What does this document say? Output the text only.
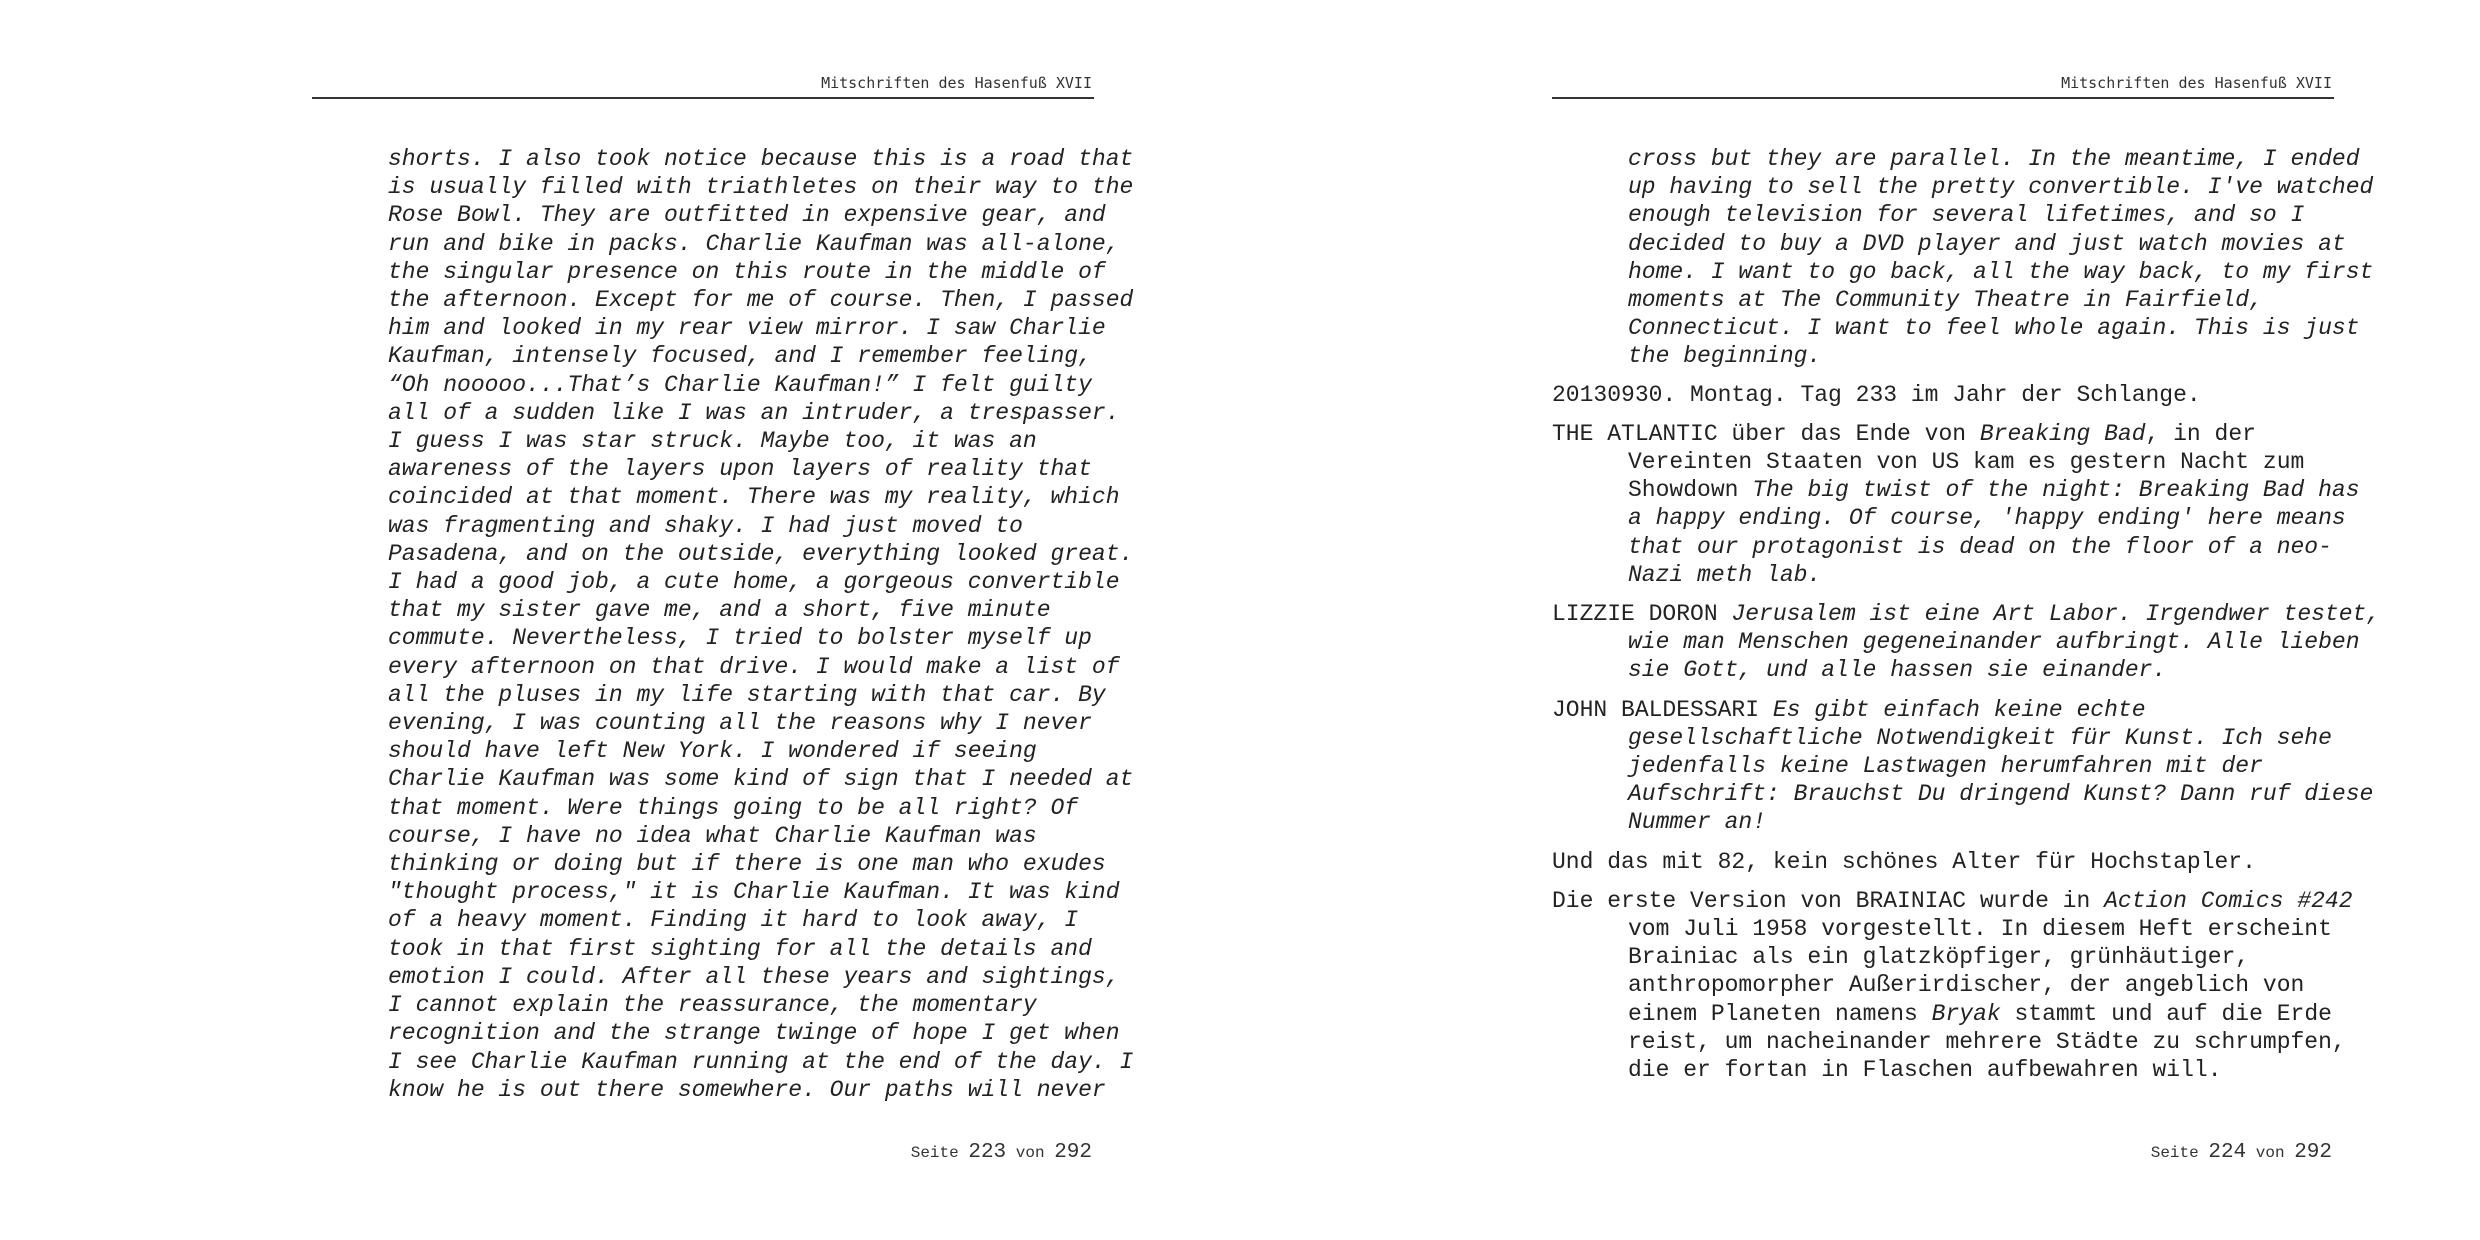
Mitschriften des Hasenfuß XVII
shorts. I also took notice because this is a road that
is usually filled with triathletes on their way to the
Rose Bowl. They are outfitted in expensive gear, and
run and bike in packs. Charlie Kaufman was all-alone,
the singular presence on this route in the middle of
the afternoon. Except for me of course. Then, I passed
him and looked in my rear view mirror. I saw Charlie
Kaufman, intensely focused, and I remember feeling,
“Oh nooooo...That’s Charlie Kaufman!” I felt guilty
all of a sudden like I was an intruder, a trespasser.
I guess I was star struck. Maybe too, it was an
awareness of the layers upon layers of reality that
coincided at that moment. There was my reality, which
was fragmenting and shaky. I had just moved to
Pasadena, and on the outside, everything looked great.
I had a good job, a cute home, a gorgeous convertible
that my sister gave me, and a short, five minute
commute. Nevertheless, I tried to bolster myself up
every afternoon on that drive. I would make a list of
all the pluses in my life starting with that car. By
evening, I was counting all the reasons why I never
should have left New York. I wondered if seeing
Charlie Kaufman was some kind of sign that I needed at
that moment. Were things going to be all right? Of
course, I have no idea what Charlie Kaufman was
thinking or doing but if there is one man who exudes
"thought process," it is Charlie Kaufman. It was kind
of a heavy moment. Finding it hard to look away, I
took in that first sighting for all the details and
emotion I could. After all these years and sightings,
I cannot explain the reassurance, the momentary
recognition and the strange twinge of hope I get when
I see Charlie Kaufman running at the end of the day. I
know he is out there somewhere. Our paths will never
Seite 223 von 292
Mitschriften des Hasenfuß XVII
cross but they are parallel. In the meantime, I ended
up having to sell the pretty convertible. I've watched
enough television for several lifetimes, and so I
decided to buy a DVD player and just watch movies at
home. I want to go back, all the way back, to my first
moments at The Community Theatre in Fairfield,
Connecticut. I want to feel whole again. This is just
the beginning.
20130930. Montag. Tag 233 im Jahr der Schlange.
THE ATLANTIC über das Ende von Breaking Bad, in der
Vereinten Staaten von US kam es gestern Nacht zum
Showdown The big twist of the night: Breaking Bad has
a happy ending. Of course, 'happy ending' here means
that our protagonist is dead on the floor of a neo-
Nazi meth lab.
LIZZIE DORON Jerusalem ist eine Art Labor. Irgendwer testet,
wie man Menschen gegeneinander aufbringt. Alle lieben
sie Gott, und alle hassen sie einander.
JOHN BALDESSARI Es gibt einfach keine echte
gesellschaftliche Notwendigkeit für Kunst. Ich sehe
jedenfalls keine Lastwagen herumfahren mit der
Aufschrift: Brauchst Du dringend Kunst? Dann ruf diese
Nummer an!
Und das mit 82, kein schönes Alter für Hochstapler.
Die erste Version von BRAINIAC wurde in Action Comics #242
vom Juli 1958 vorgestellt. In diesem Heft erscheint
Brainiac als ein glatzköpfiger, grünhäutiger,
anthropomorpher Außerirdischer, der angeblich von
einem Planeten namens Bryak stammt und auf die Erde
reist, um nacheinander mehrere Städte zu schrumpfen,
die er fortan in Flaschen aufbewahren will.
Seite 224 von 292
